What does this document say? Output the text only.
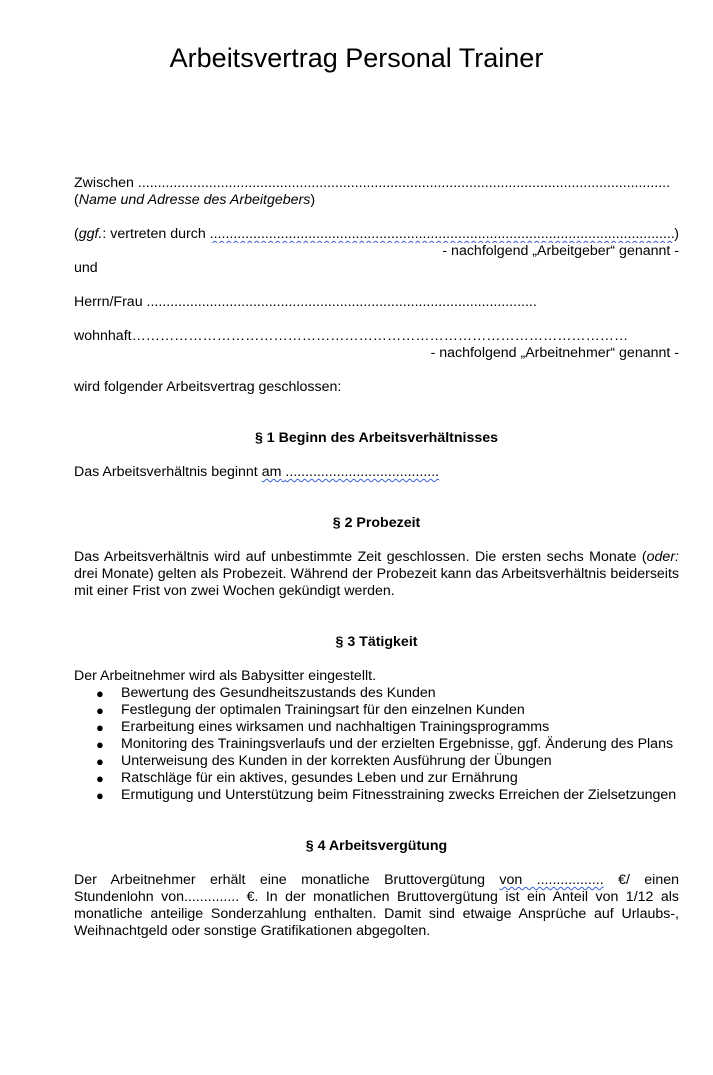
Arbeitsvertrag Personal Trainer
Zwischen

.....

(Name und Adresse des Arbeitgebers)

( ggf. : vertreten durch

.....	)

- nachfolgend „Arbeitgeber“ genannt -

und

Herrn/Frau
...................................................................................................
wohnhaft ……………………………………………………………………………………………

- nachfolgend „Arbeitnehmer“ genannt -

wird folgender Arbeitsvertrag geschlossen:

§ 1 Beginn des Arbeitsverhältnisses

Das Arbeitsverhältnis beginnt am .......................................

§ 2 Probezeit

Das Arbeitsverhältnis wird auf unbestimmte Zeit geschlossen. Die ersten sechs Monate (oder: drei Monate) gelten als Probezeit. Während der Probezeit kann das Arbeitsverhältnis beiderseits mit einer Frist von zwei Wochen gekündigt werden.

§ 3 Tätigkeit

Der Arbeitnehmer wird als Babysitter eingestellt.

● Bewertung des Gesundheitszustands des Kunden
● Festlegung der optimalen Trainingsart für den einzelnen Kunden
● Erarbeitung eines wirksamen und nachhaltigen Trainingsprogramms
● Monitoring des Trainingsverlaufs und der erzielten Ergebnisse, ggf. Änderung des Plans
● Unterweisung des Kunden in der korrekten Ausführung der Übungen
● Ratschläge für ein aktives, gesundes Leben und zur Ernährung
● Ermutigung und Unterstützung beim Fitnesstraining zwecks Erreichen der Zielsetzungen

§ 4 Arbeitsvergütung

Der Arbeitnehmer erhält eine monatliche Bruttovergütung von ................. €/ einen

Stundenlohn von.............. €. In der monatlichen Bruttovergütung ist ein Anteil von 1/12 als monatliche anteilige Sonderzahlung enthalten. Damit sind etwaige Ansprüche auf Urlaubs-, Weihnachtgeld oder sonstige Gratifikationen abgegolten.
